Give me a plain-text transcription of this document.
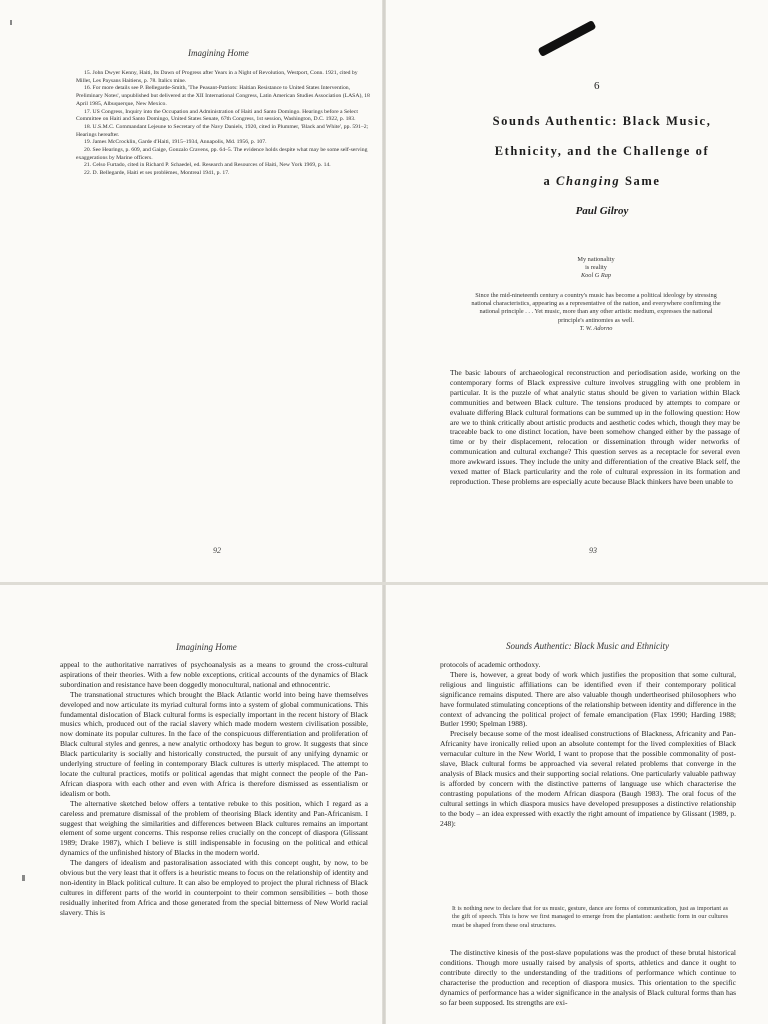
Imagining Home

15. John Dwyer Kenny, Haiti, Its Dawn of Progress after Years in a Night of Revolution, Westport, Conn. 1921, cited by Millet, Les Paysans Haitiens, p. 78. Italics mine.

16. For more details see P. Bellegarde-Smith, 'The Peasant-Patriots: Haitian Resistance to United States Intervention, Preliminary Notes', unpublished but delivered at the XII International Congress, Latin American Studies Association (LASA), 18 April 1985, Albuquerque, New Mexico.

17. US Congress, Inquiry into the Occupation and Administration of Haiti and Santo Domingo. Hearings before a Select Committee on Haiti and Santo Domingo, United States Senate, 67th Congress, 1st session, Washington, D.C. 1922, p. 183.

18. U.S.M.C. Commandant Lejeune to Secretary of the Navy Daniels, 1920, cited in Plummer, 'Black and White', pp. 591–2; Hearings hereafter.

19. James McCrocklin, Garde d'Haiti, 1915–1934, Annapolis, Md. 1956, p. 107.

20. See Hearings, p. 609, and Gaige, Gonzalo Cravens, pp. 64–5. The evidence holds despite what may be some self-serving exaggerations by Marine officers.

21. Celso Furtado, cited in Richard P. Schaedel, ed. Research and Resources of Haiti, New York 1969, p. 14.

22. D. Bellegarde, Haiti et ses problèmes, Montreal 1941, p. 17.

92
6
Sounds Authentic: Black Music,
Ethnicity, and the Challenge of
a Changing Same
Paul Gilroy

My nationality

is reality

Kool G Rap

Since the mid-nineteenth century a country's music has become a political ideology by stressing national characteristics, appearing as a representative of the nation, and everywhere confirming the national principle . . . Yet music, more than any other artistic medium, expresses the national principle's antinomies as well.

T. W. Adorno

The basic labours of archaeological reconstruction and periodisation aside, working on the contemporary forms of Black expressive culture involves struggling with one problem in particular. It is the puzzle of what analytic status should be given to variation within Black communities and between Black culture. The tensions produced by attempts to compare or evaluate differing Black cultural formations can be summed up in the following question: How are we to think critically about artistic products and aesthetic codes which, though they may be traceable back to one distinct location, have been somehow changed either by the passage of time or by their displacement, relocation or dissemination through wider networks of communication and cultural exchange? This question serves as a receptacle for several even more awkward issues. They include the unity and differentiation of the creative Black self, the vexed matter of Black particularity and the role of cultural expression in its formation and reproduction. These problems are especially acute because Black thinkers have been unable to

93
Imagining Home

appeal to the authoritative narratives of psychoanalysis as a means to ground the cross-cultural aspirations of their theories. With a few noble exceptions, critical accounts of the dynamics of Black subordination and resistance have been doggedly monocultural, national and ethnocentric.

The transnational structures which brought the Black Atlantic world into being have themselves developed and now articulate its myriad cultural forms into a system of global communications. This fundamental dislocation of Black cultural forms is especially important in the recent history of Black musics which, produced out of the racial slavery which made modern western civilisation possible, now dominate its popular cultures. In the face of the conspicuous differentiation and proliferation of Black cultural styles and genres, a new analytic orthodoxy has begun to grow. It suggests that since Black particularity is socially and historically constructed, the pursuit of any unifying dynamic or underlying structure of feeling in contemporary Black cultures is utterly misplaced. The attempt to locate the cultural practices, motifs or political agendas that might connect the people of the Pan-African diaspora with each other and even with Africa is therefore dismissed as essentialism or idealism or both.

The alternative sketched below offers a tentative rebuke to this position, which I regard as a careless and premature dismissal of the problem of theorising Black identity and Pan-Africanism. I suggest that weighing the similarities and differences between Black cultures remains an important element of some urgent concerns. This response relies crucially on the concept of diaspora (Glissant 1989; Drake 1987), which I believe is still indispensable in focusing on the political and ethical dynamics of the unfinished history of Blacks in the modern world.

The dangers of idealism and pastoralisation associated with this concept ought, by now, to be obvious but the very least that it offers is a heuristic means to focus on the relationship of identity and non-identity in Black political culture. It can also be employed to project the plural richness of Black cultures in different parts of the world in counterpoint to their common sensibilities – both those residually inherited from Africa and those generated from the special bitterness of New World racial slavery. This is

Sounds Authentic: Black Music and Ethnicity

protocols of academic orthodoxy.

There is, however, a great body of work which justifies the proposition that some cultural, religious and linguistic affiliations can be identified even if their contemporary political significance remains disputed. There are also valuable though undertheorised philosophers who have formulated stimulating conceptions of the relationship between identity and difference in the context of advancing the political project of female emancipation (Flax 1990; Harding 1988; Butler 1990; Spelman 1988).

Precisely because some of the most idealised constructions of Blackness, Africanity and Pan-Africanity have ironically relied upon an absolute contempt for the lived complexities of Black vernacular culture in the New World, I want to propose that the possible commonality of post-slave, Black cultural forms be approached via several related problems that converge in the analysis of Black musics and their supporting social relations. One particularly valuable pathway is afforded by concern with the distinctive patterns of language use which characterise the contrasting populations of the modern African diaspora (Baugh 1983). The oral focus of the cultural settings in which diaspora musics have developed presupposes a distinctive relationship to the body – an idea expressed with exactly the right amount of impatience by Glissant (1989, p. 248):

It is nothing new to declare that for us music, gesture, dance are forms of communication, just as important as the gift of speech. This is how we first managed to emerge from the plantation: aesthetic form in our cultures must be shaped from these oral structures.

The distinctive kinesis of the post-slave populations was the product of these brutal historical conditions. Though more usually raised by analysis of sports, athletics and dance it ought to contribute directly to the understanding of the traditions of performance which continue to characterise the production and reception of diaspora musics. This orientation to the specific dynamics of performance has a wider significance in the analysis of Black cultural forms than has so far been supposed. Its strengths are exi-
